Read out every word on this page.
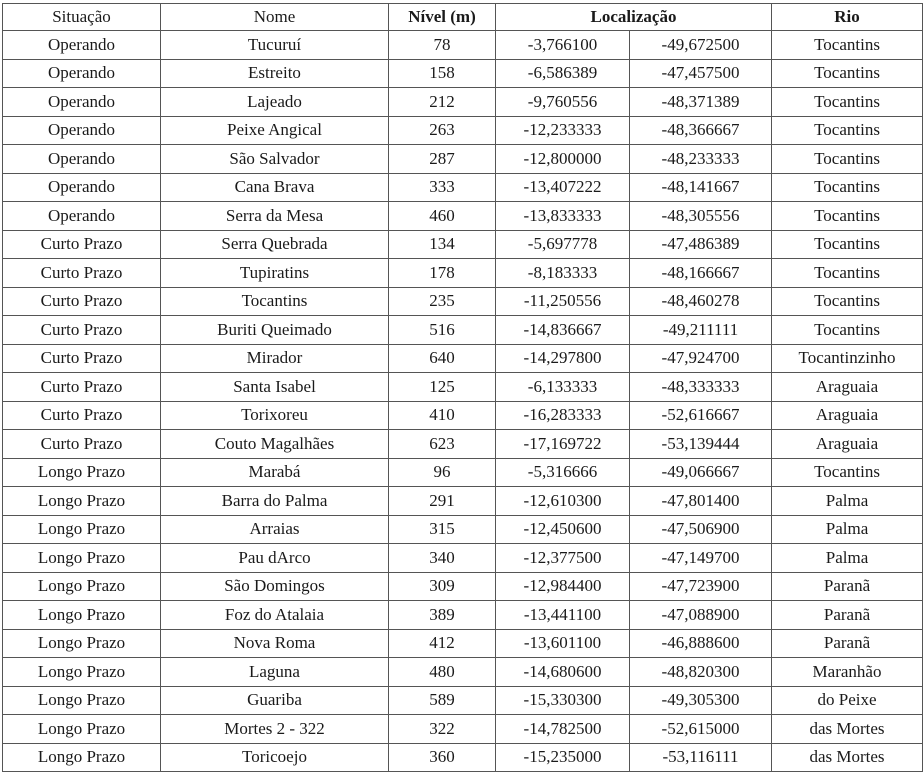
Situação	Nome	Nível (m)	Localização		Rio
Operando	Tucuruí	78	-3,766100	-49,672500	Tocantins
Operando	Estreito	158	-6,586389	-47,457500	Tocantins
Operando	Lajeado	212	-9,760556	-48,371389	Tocantins
Operando	Peixe Angical	263	-12,233333	-48,366667	Tocantins
Operando	São Salvador	287	-12,800000	-48,233333	Tocantins
Operando	Cana Brava	333	-13,407222	-48,141667	Tocantins
Operando	Serra da Mesa	460	-13,833333	-48,305556	Tocantins
Curto Prazo	Serra Quebrada	134	-5,697778	-47,486389	Tocantins
Curto Prazo	Tupiratins	178	-8,183333	-48,166667	Tocantins
Curto Prazo	Tocantins	235	-11,250556	-48,460278	Tocantins
Curto Prazo	Buriti Queimado	516	-14,836667	-49,211111	Tocantins
Curto Prazo	Mirador	640	-14,297800	-47,924700	Tocantinzinho
Curto Prazo	Santa Isabel	125	-6,133333	-48,333333	Araguaia
Curto Prazo	Torixoreu	410	-16,283333	-52,616667	Araguaia
Curto Prazo	Couto Magalhães	623	-17,169722	-53,139444	Araguaia
Longo Prazo	Marabá	96	-5,316666	-49,066667	Tocantins
Longo Prazo	Barra do Palma	291	-12,610300	-47,801400	Palma
Longo Prazo	Arraias	315	-12,450600	-47,506900	Palma
Longo Prazo	Pau dArco	340	-12,377500	-47,149700	Palma
Longo Prazo	São Domingos	309	-12,984400	-47,723900	Paranã
Longo Prazo	Foz do Atalaia	389	-13,441100	-47,088900	Paranã
Longo Prazo	Nova Roma	412	-13,601100	-46,888600	Paranã
Longo Prazo	Laguna	480	-14,680600	-48,820300	Maranhão
Longo Prazo	Guariba	589	-15,330300	-49,305300	do Peixe
Longo Prazo	Mortes 2 - 322	322	-14,782500	-52,615000	das Mortes
Longo Prazo	Toricoejo	360	-15,235000	-53,116111	das Mortes
